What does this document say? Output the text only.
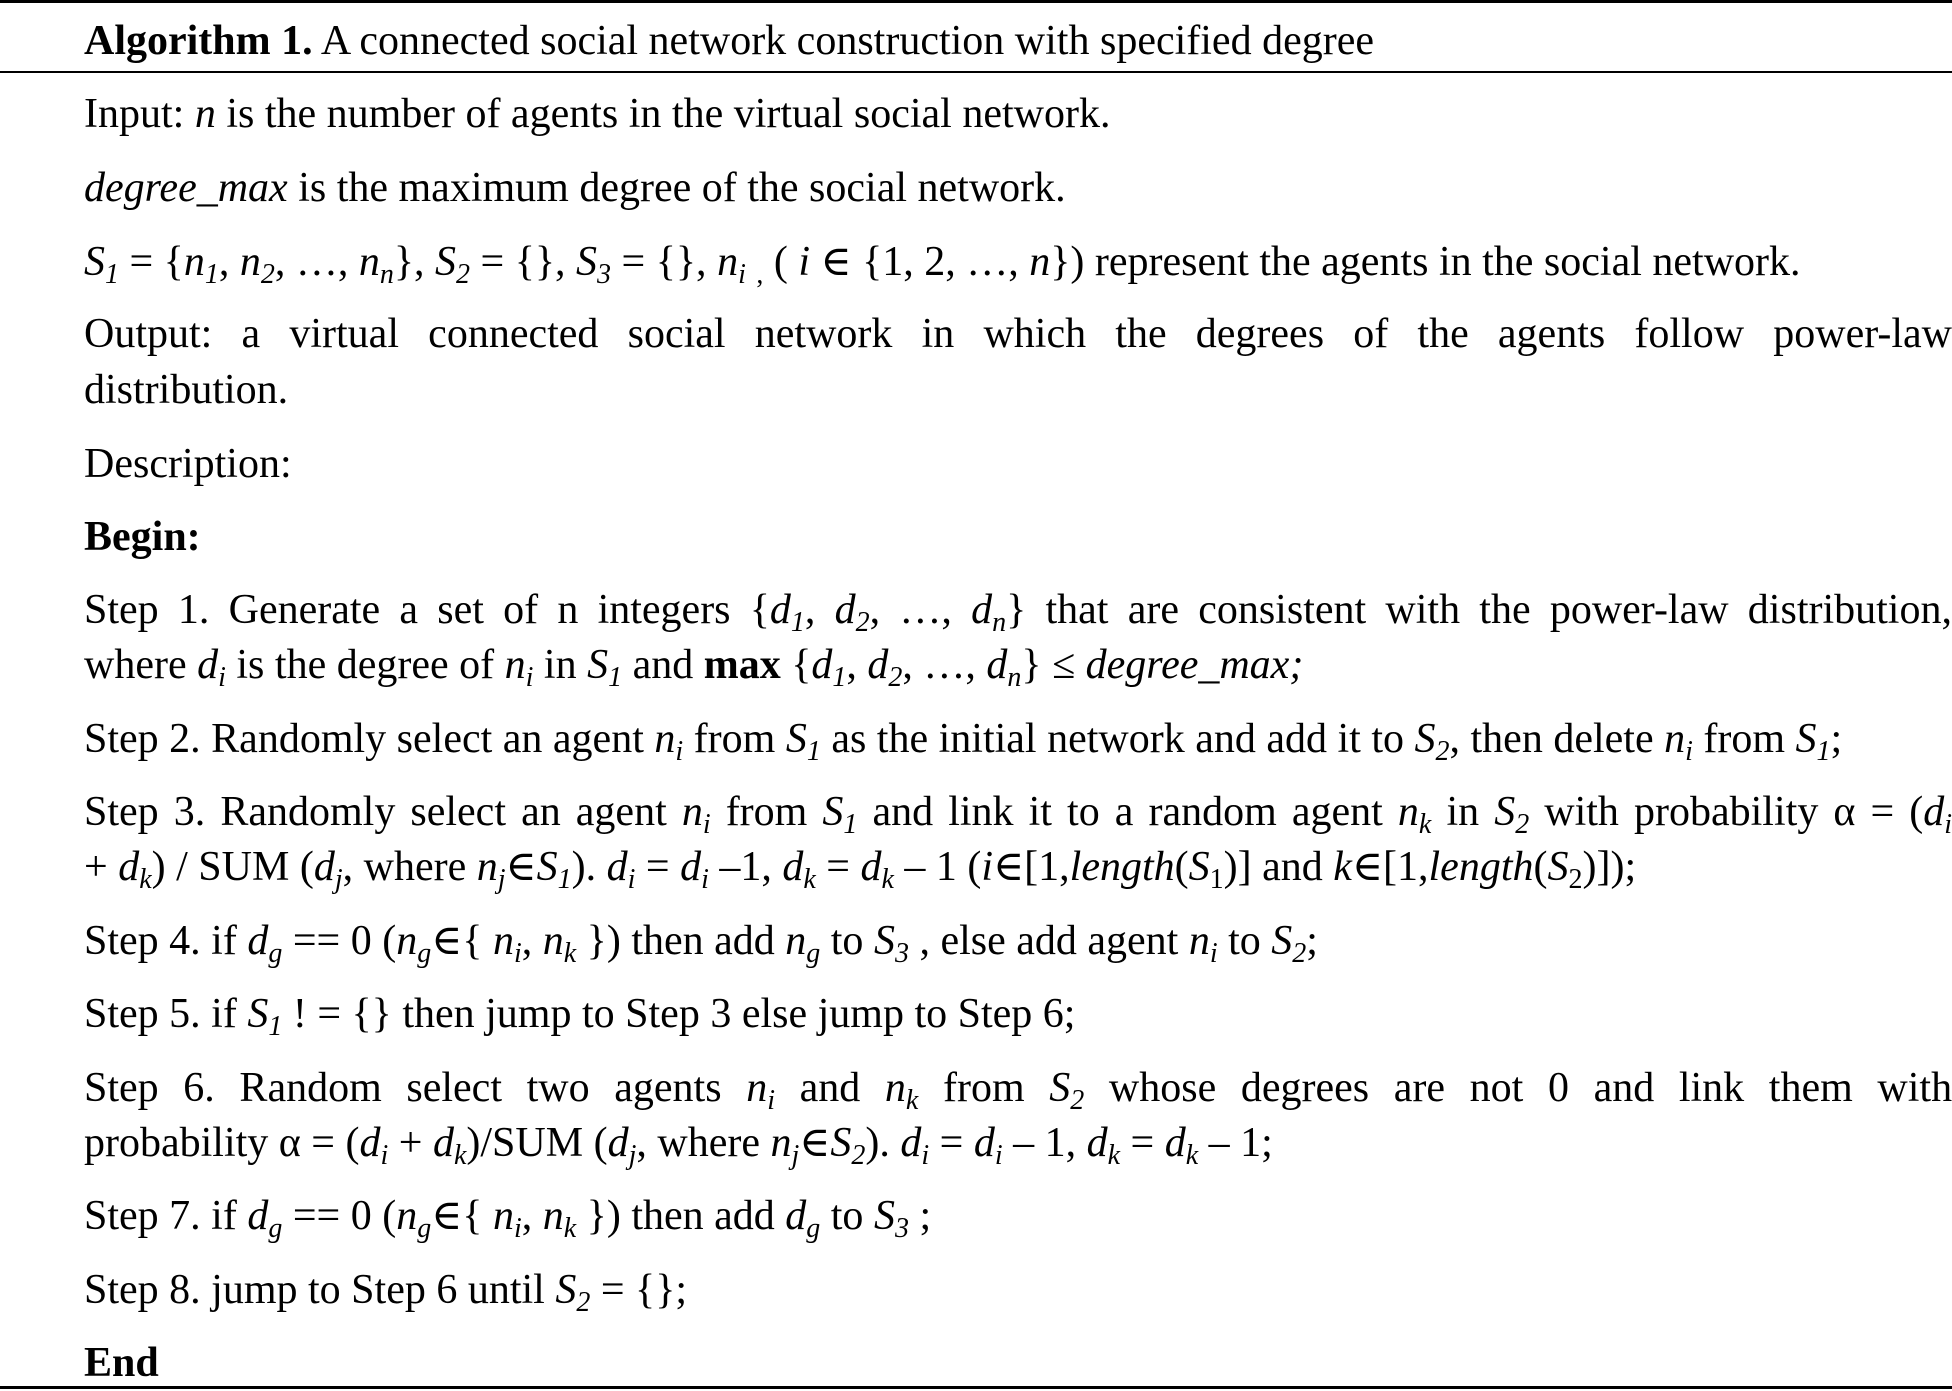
Algorithm 1. A connected social network construction with specified degree

Input: n is the number of agents in the virtual social network.

degree_max is the maximum degree of the social network.

$S_1 = \{n_1$, $n_2$, …, $n_n$}, $S_2$ = {}, $S_3$ = {}, $n_i$ $_,$ ( i ∈ {1, 2, …, n}) represent the agents in the social network.

Output: a virtual connected social network in which the degrees of the agents follow power-law

distribution.

Description:

Begin:

Step 1. Generate a set of n integers {$d_1$, $d_2$, …, $d_n$} that are consistent with the power-law distribution,

where $d_i$ is the degree of $n_i$ in $S_1$ and $\max \{d_1$, $d_2$, …, $d_n$} ≤ degree_max;

Step 2. Randomly select an agent $n_i$ from $S_1$ as the initial network and add it to $S_2$, then delete $n_i$ from $S_1$;

Step 3. Randomly select an agent $n_i$ from $S_1$ and link it to a random agent $n_k$ in $S_2$ with probability $\alpha = (d_i$

+ $d_k$) / SUM ($d_j$, where $n_j\in S_1$). $d_i = d_i$ –1, $d_k = d_k - 1$ ($i\in[1,length(S_1)]$ and $k\in[1,length(S_2)]$);

Step 4. if $d_g == 0$ ($n_g\in${ $n_i$, $n_k$ }) then add $n_g$ to $S_3$ , else add agent $n_i$ to $S_2$;

Step 5. if $S_1$ ! = {} then jump to Step 3 else jump to Step 6;

Step 6. Random select two agents $n_i$ and $n_k$ from $S_2$ whose degrees are not 0 and link them with

probability $\alpha = (d_i + d_k)/SUM$ ($d_j$, where $n_j\in S_2$). $d_i = d_i - 1$, $d_k = d_k - 1$;

Step 7. if $d_g == 0$ ($n_g\in${ $n_i$, $n_k$ }) then add $d_g$ to $S_3$ ;

Step 8. jump to Step 6 until $S_2$ = {};

End
